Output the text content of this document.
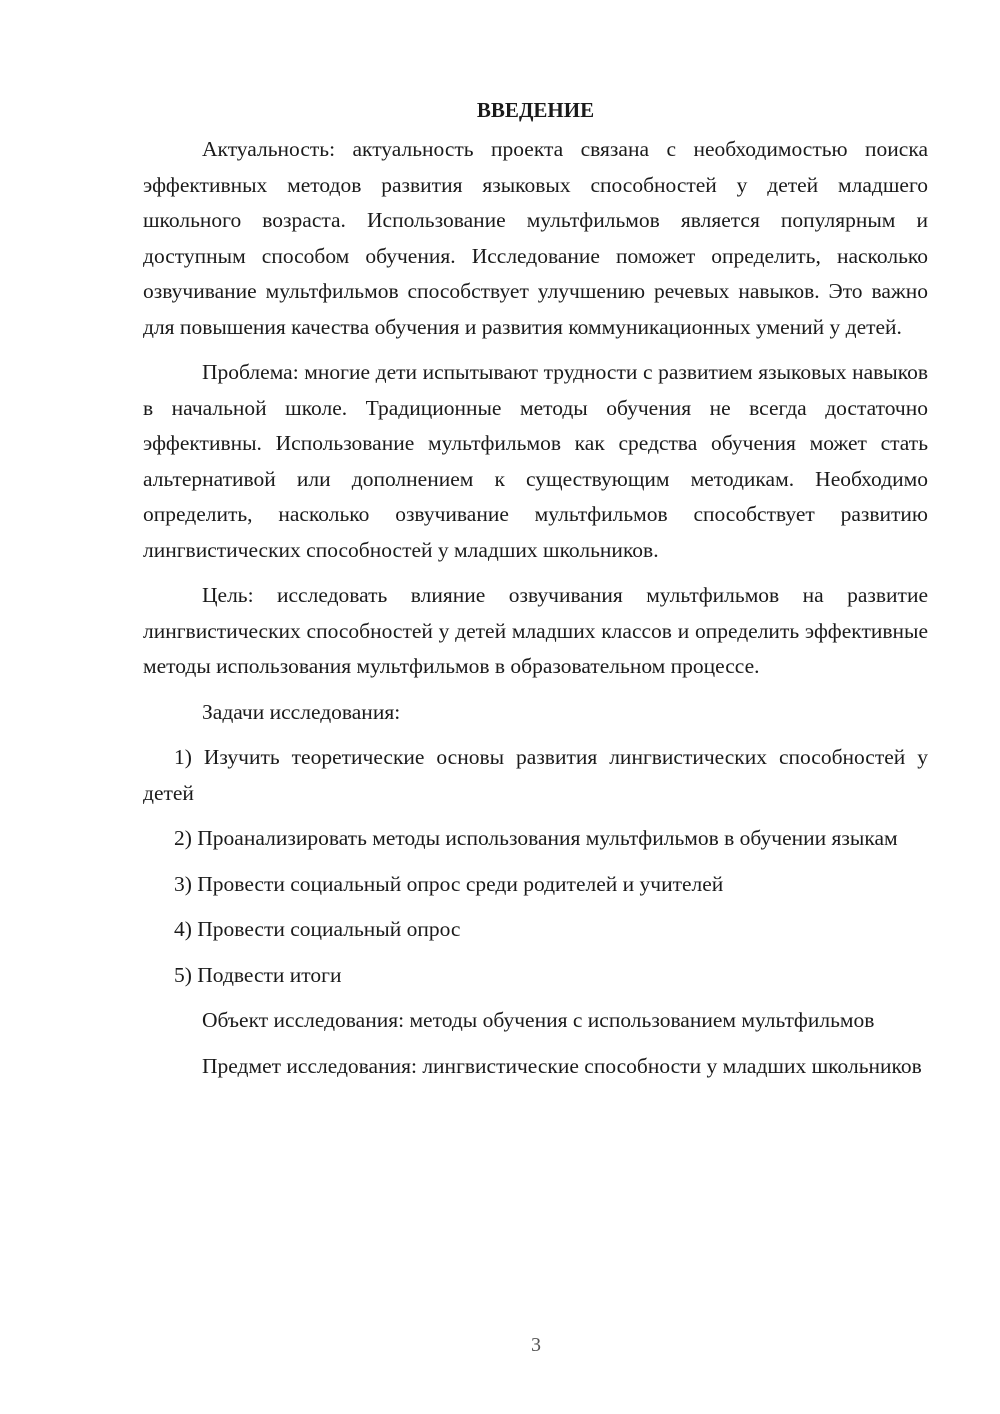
ВВЕДЕНИЕ

Актуальность: актуальность проекта связана с необходимостью поиска эффективных методов развития языковых способностей у детей младшего школьного возраста. Использование мультфильмов является популярным и доступным способом обучения. Исследование поможет определить, насколько озвучивание мультфильмов способствует улучшению речевых навыков. Это важно для повышения качества обучения и развития коммуникационных умений у детей.

Проблема: многие дети испытывают трудности с развитием языковых навыков в начальной школе. Традиционные методы обучения не всегда достаточно эффективны. Использование мультфильмов как средства обучения может стать альтернативой или дополнением к существующим методикам. Необходимо определить, насколько озвучивание мультфильмов способствует развитию лингвистических способностей у младших школьников.

Цель: исследовать влияние озвучивания мультфильмов на развитие лингвистических способностей у детей младших классов и определить эффективные методы использования мультфильмов в образовательном процессе.

Задачи исследования:

1) Изучить теоретические основы развития лингвистических способностей у детей

2) Проанализировать методы использования мультфильмов в обучении языкам

3) Провести социальный опрос среди родителей и учителей

4) Провести социальный опрос

5) Подвести итоги

Объект исследования: методы обучения с использованием мультфильмов

Предмет исследования: лингвистические способности у младших школьников

3
